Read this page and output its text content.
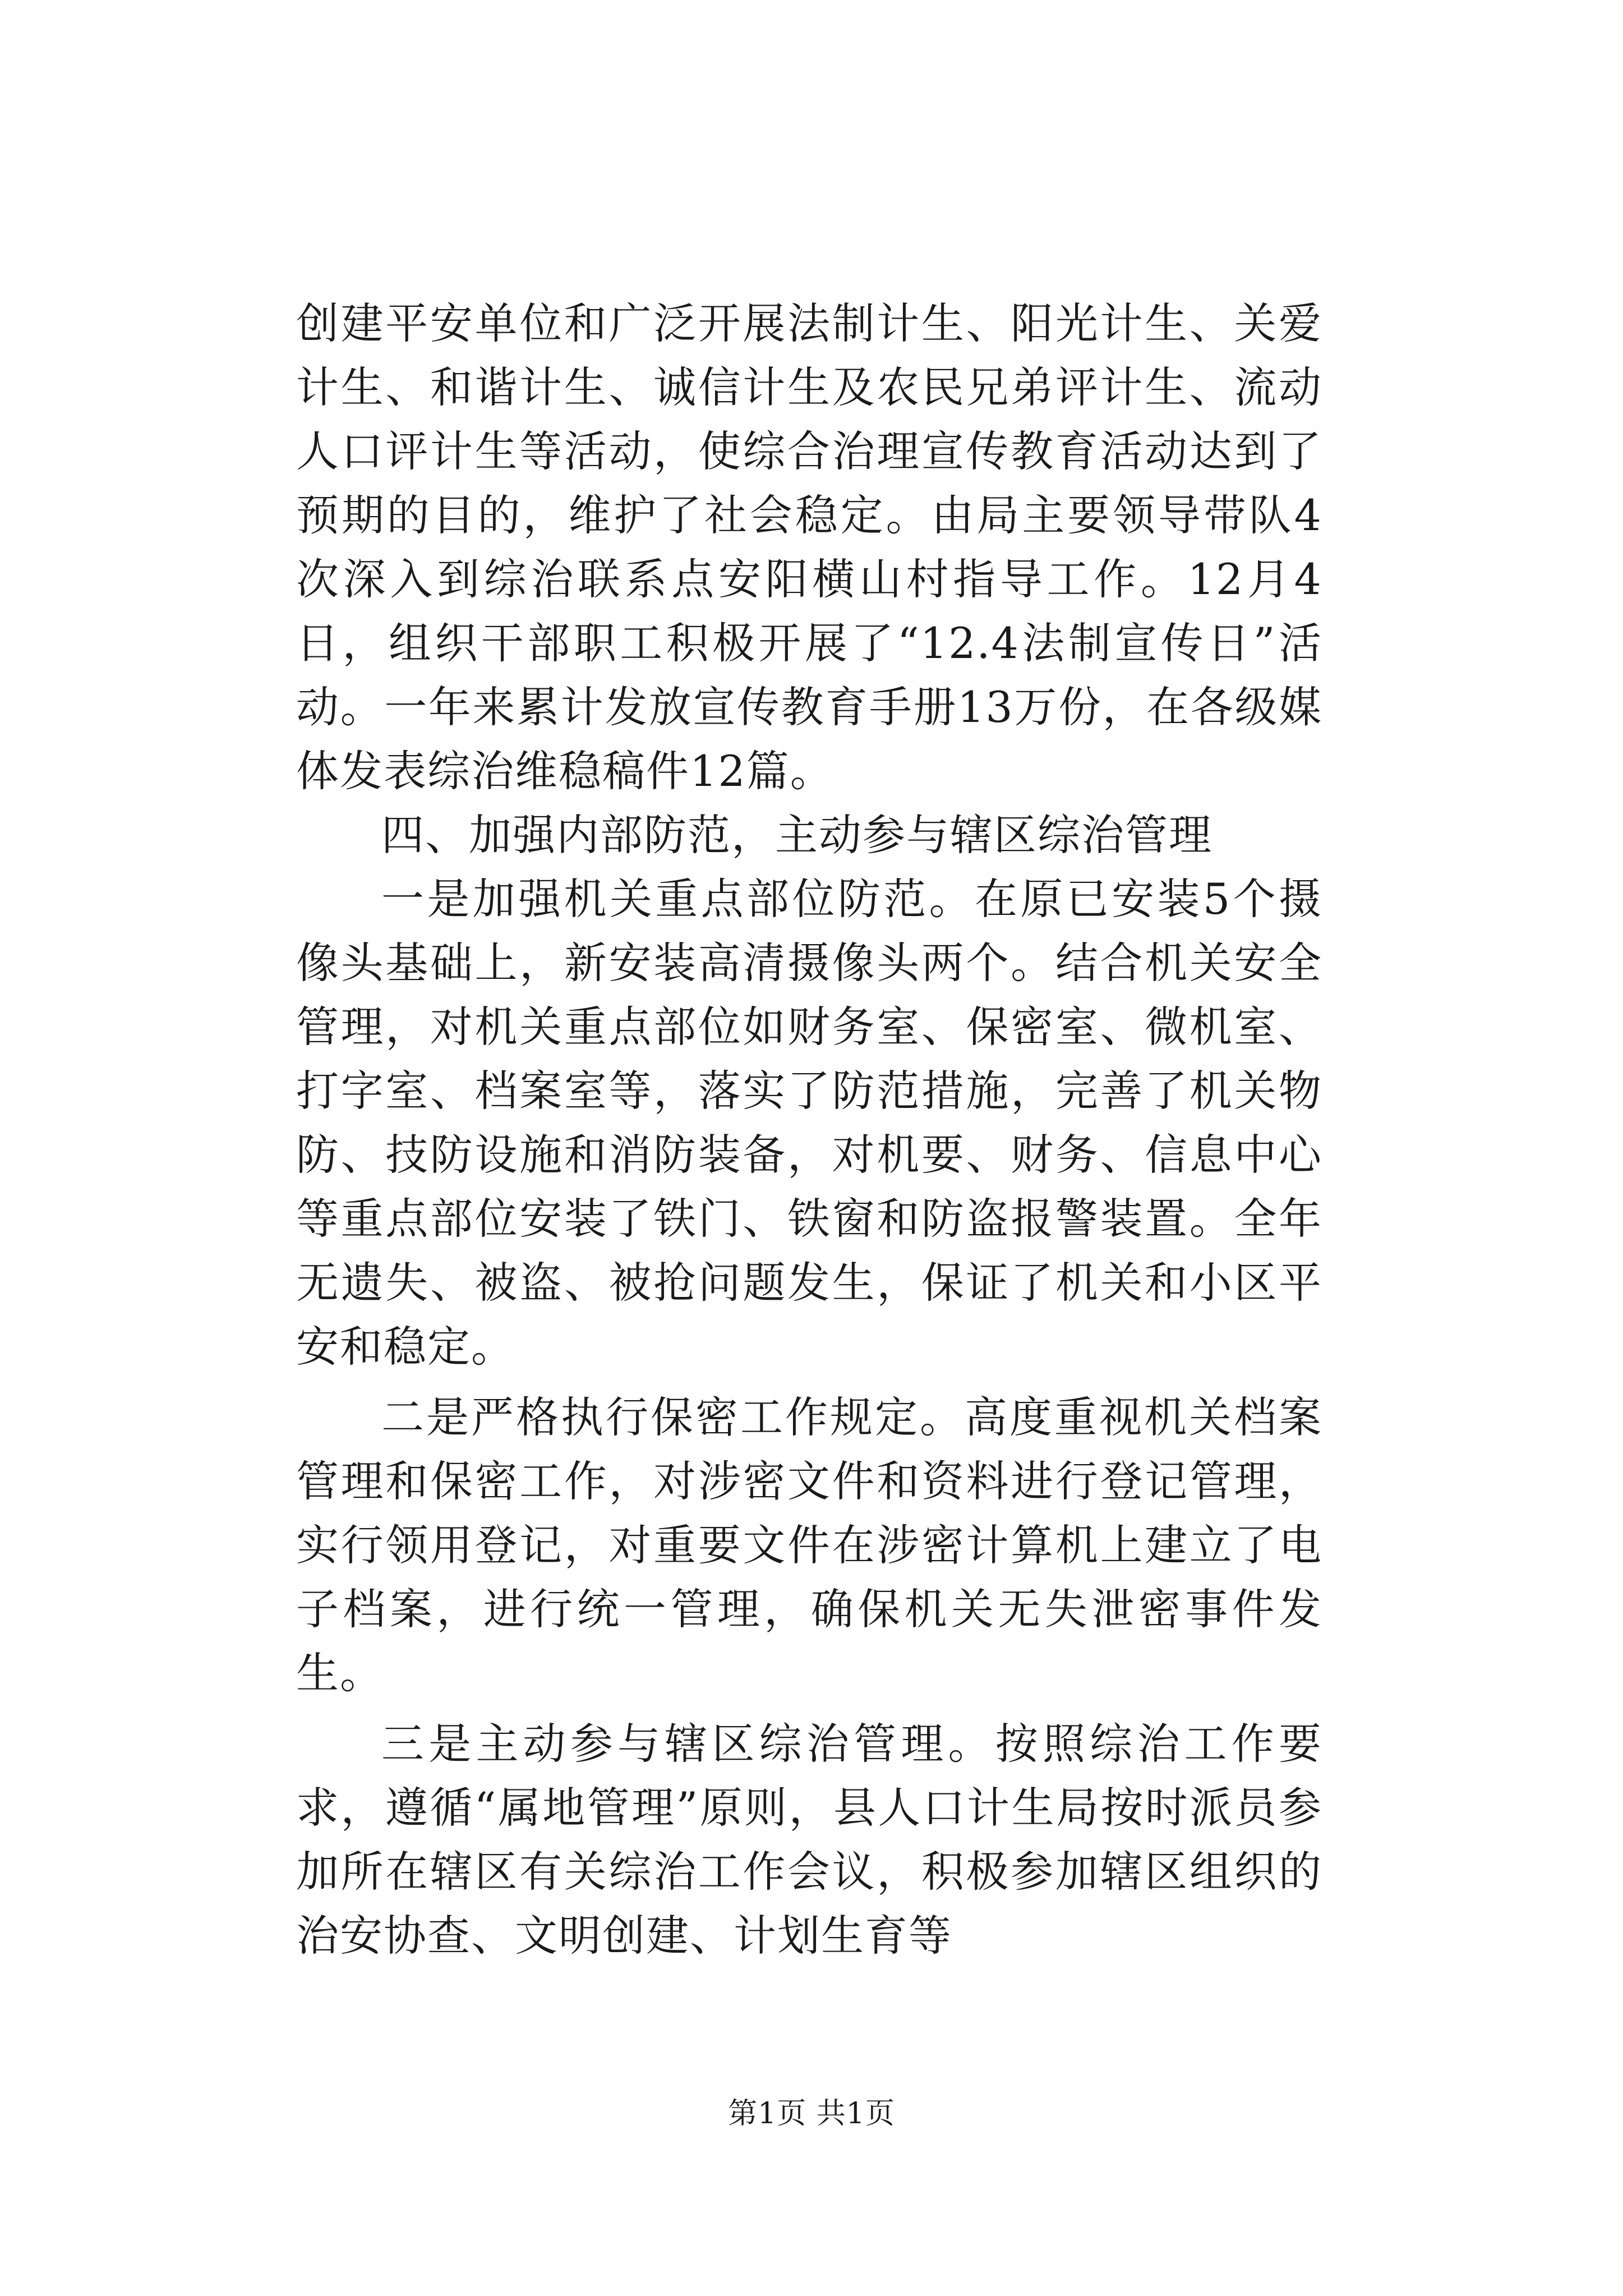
创建平安单位和广泛开展法制计生、阳光计生、关爱计生、和谐计生、诚信计生及农民兄弟评计生、流动人口评计生等活动，使综合治理宣传教育活动达到了预期的目的，维护了社会稳定。由局主要领导带队4次深入到综治联系点安阳横山村指导工作。12月4日，组织干部职工积极开展了“12.4法制宣传日”活动。一年来累计发放宣传教育手册13万份，在各级媒体发表综治维稳稿件12篇。

四、加强内部防范，主动参与辖区综治管理

一是加强机关重点部位防范。在原已安装5个摄像头基础上，新安装高清摄像头两个。结合机关安全管理，对机关重点部位如财务室、保密室、微机室、打字室、档案室等，落实了防范措施，完善了机关物防、技防设施和消防装备，对机要、财务、信息中心等重点部位安装了铁门、铁窗和防盗报警装置。全年无遗失、被盗、被抢问题发生，保证了机关和小区平安和稳定。

二是严格执行保密工作规定。高度重视机关档案管理和保密工作，对涉密文件和资料进行登记管理，实行领用登记，对重要文件在涉密计算机上建立了电子档案，进行统一管理，确保机关无失泄密事件发生。

三是主动参与辖区综治管理。按照综治工作要求，遵循“属地管理”原则，县人口计生局按时派员参加所在辖区有关综治工作会议，积极参加辖区组织的治安协查、文明创建、计划生育等

第1页 共1页
